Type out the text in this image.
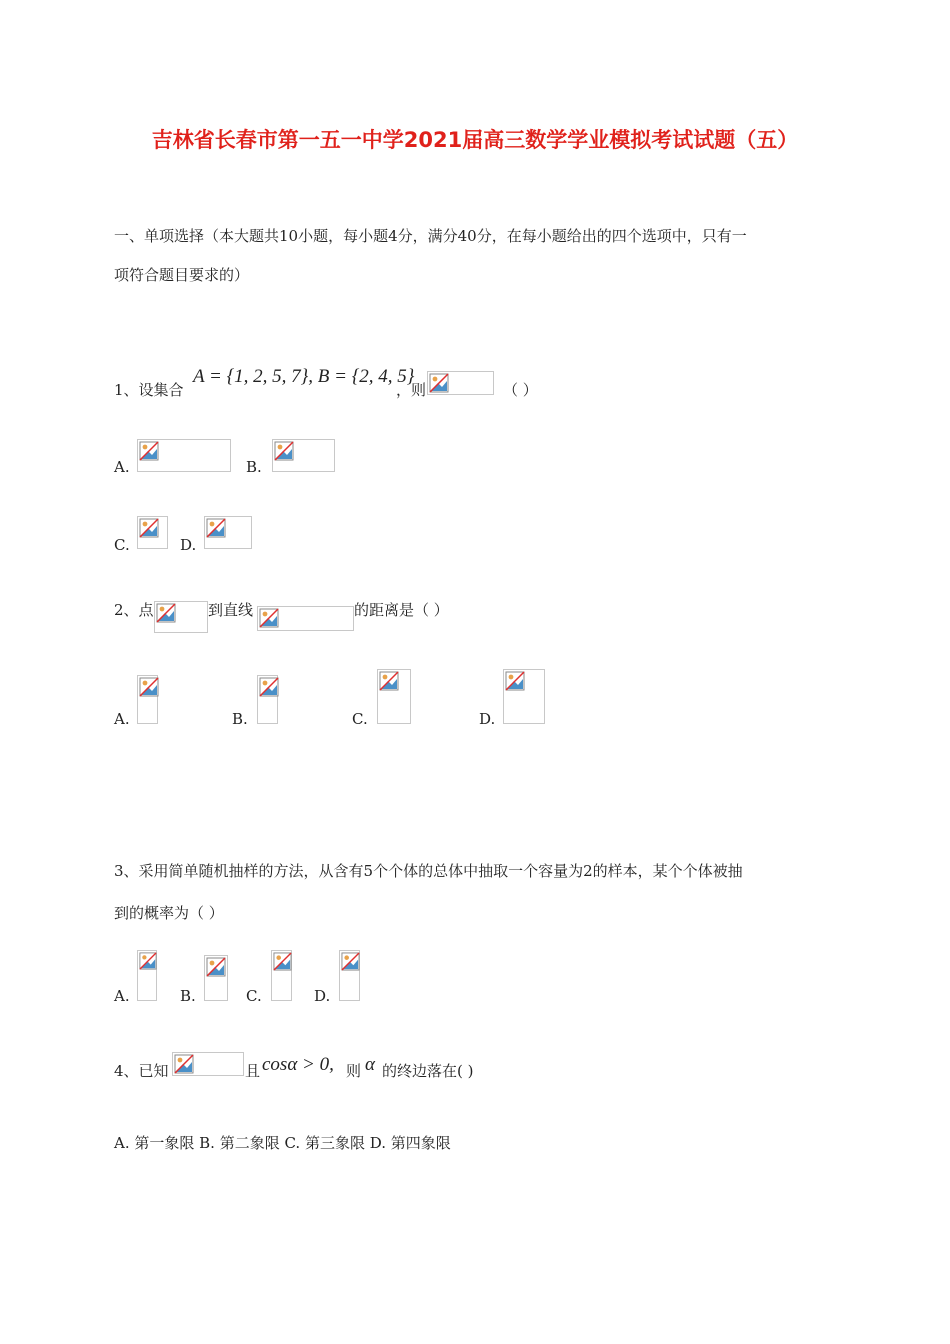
吉林省长春市第一五一中学2021届高三数学学业模拟考试试题（五）
一、单项选择（本大题共10小题，每小题4分，满分40分，在每小题给出的四个选项中，只有一
项符合题目要求的）
1、设集合
A = {1, 2, 5, 7}, B = {2, 4, 5}
，则	（ ）
A.	B.
C.	D.
2、点	到直线	的距离是（ ）
A.	B.	C.	D.
3、采用简单随机抽样的方法，从含有5个个体的总体中抽取一个容量为2的样本，某个个体被抽
到的概率为（ ）
A.	B.	C.	D.
4、已知	且 cosα > 0, 则 α 的终边落在( )
A. 第一象限 B. 第二象限 C. 第三象限 D. 第四象限
